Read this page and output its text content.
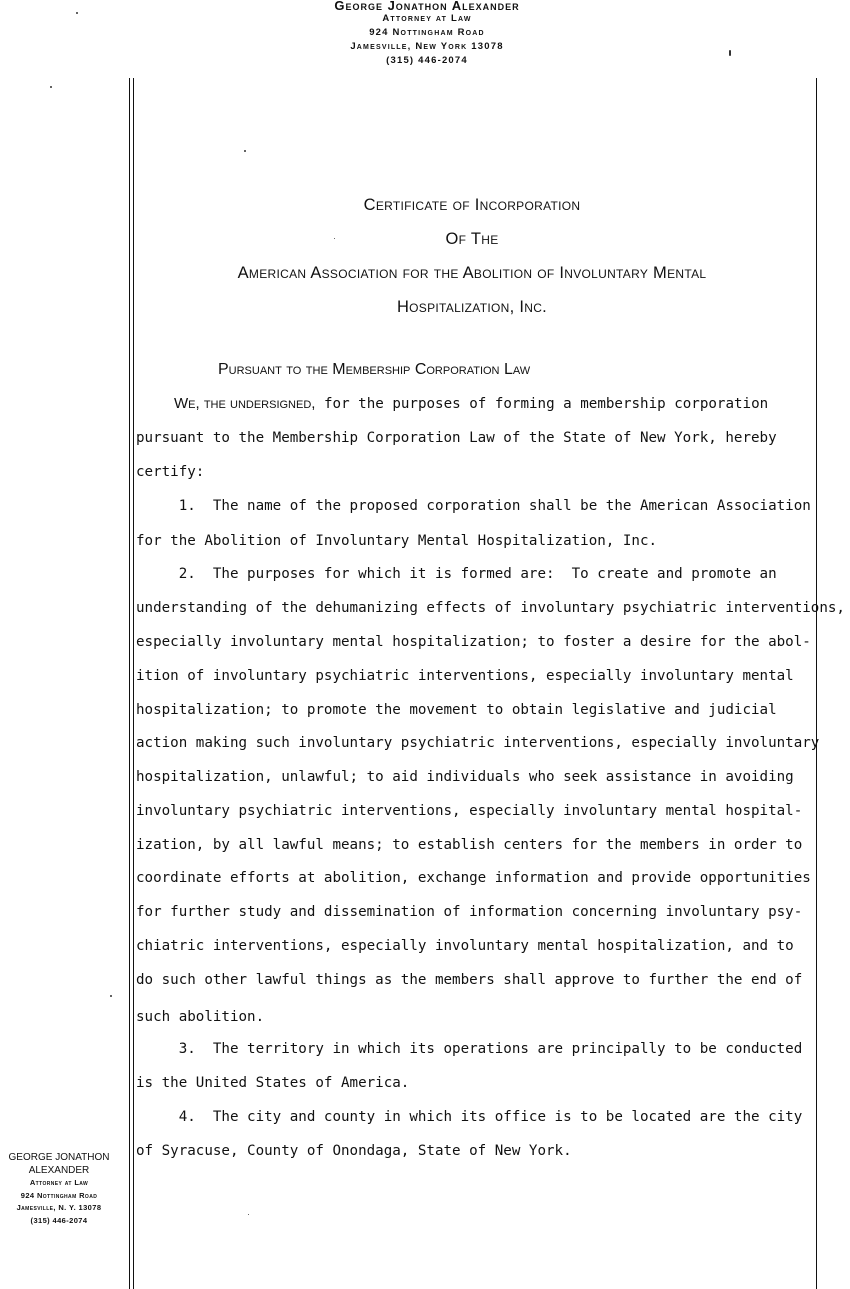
George Jonathon Alexander
Attorney at Law
924 Nottingham Road
Jamesville, New York 13078
(315) 446-2074
GEORGE JONATHON
ALEXANDER
Attorney at Law
924 Nottingham Road
Jamesville, N. Y. 13078
(315) 446-2074
Certificate of Incorporation
Of The
American Association for the Abolition of Involuntary Mental
Hospitalization, Inc.
Pursuant to the Membership Corporation Law
We, the undersigned, for the purposes of forming a membership corporation
pursuant to the Membership Corporation Law of the State of New York, hereby
certify:
1.  The name of the proposed corporation shall be the American Association
for the Abolition of Involuntary Mental Hospitalization, Inc.
2.  The purposes for which it is formed are:  To create and promote an
understanding of the dehumanizing effects of involuntary psychiatric interventions,
especially involuntary mental hospitalization; to foster a desire for the abol-
ition of involuntary psychiatric interventions, especially involuntary mental
hospitalization; to promote the movement to obtain legislative and judicial
action making such involuntary psychiatric interventions, especially involuntary
hospitalization, unlawful; to aid individuals who seek assistance in avoiding
involuntary psychiatric interventions, especially involuntary mental hospital-
ization, by all lawful means; to establish centers for the members in order to
coordinate efforts at abolition, exchange information and provide opportunities
for further study and dissemination of information concerning involuntary psy-
chiatric interventions, especially involuntary mental hospitalization, and to
do such other lawful things as the members shall approve to further the end of
such abolition.
3.  The territory in which its operations are principally to be conducted
is the United States of America.
4.  The city and county in which its office is to be located are the city
of Syracuse, County of Onondaga, State of New York.
